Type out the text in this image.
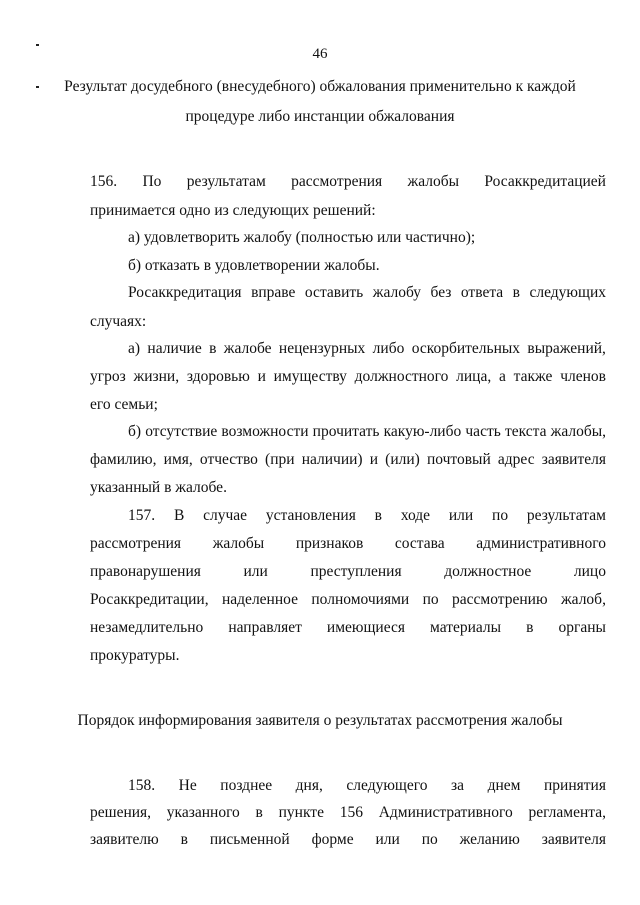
46
Результат досудебного (внесудебного) обжалования применительно к каждой процедуре либо инстанции обжалования
156. По результатам рассмотрения жалобы Росаккредитацией
принимается одно из следующих решений:
а) удовлетворить жалобу (полностью или частично);
б) отказать в удовлетворении жалобы.
Росаккредитация вправе оставить жалобу без ответа в следующих
случаях:
а) наличие в жалобе нецензурных либо оскорбительных выражений,
угроз жизни, здоровью и имуществу должностного лица, а также членов
его семьи;
б) отсутствие возможности прочитать какую-либо часть текста жалобы,
фамилию, имя, отчество (при наличии) и (или) почтовый адрес заявителя
указанный в жалобе.
157. В случае установления в ходе или по результатам
рассмотрения жалобы признаков состава административного
правонарушения	или	преступления	должностное	лицо
Росаккредитации, наделенное полномочиями по рассмотрению жалоб,
незамедлительно направляет имеющиеся материалы в органы
прокуратуры.
Порядок информирования заявителя о результатах рассмотрения жалобы
158. Не позднее дня, следующего за днем принятия
решения, указанного в пункте 156 Административного регламента,
заявителю в письменной форме или по желанию заявителя
